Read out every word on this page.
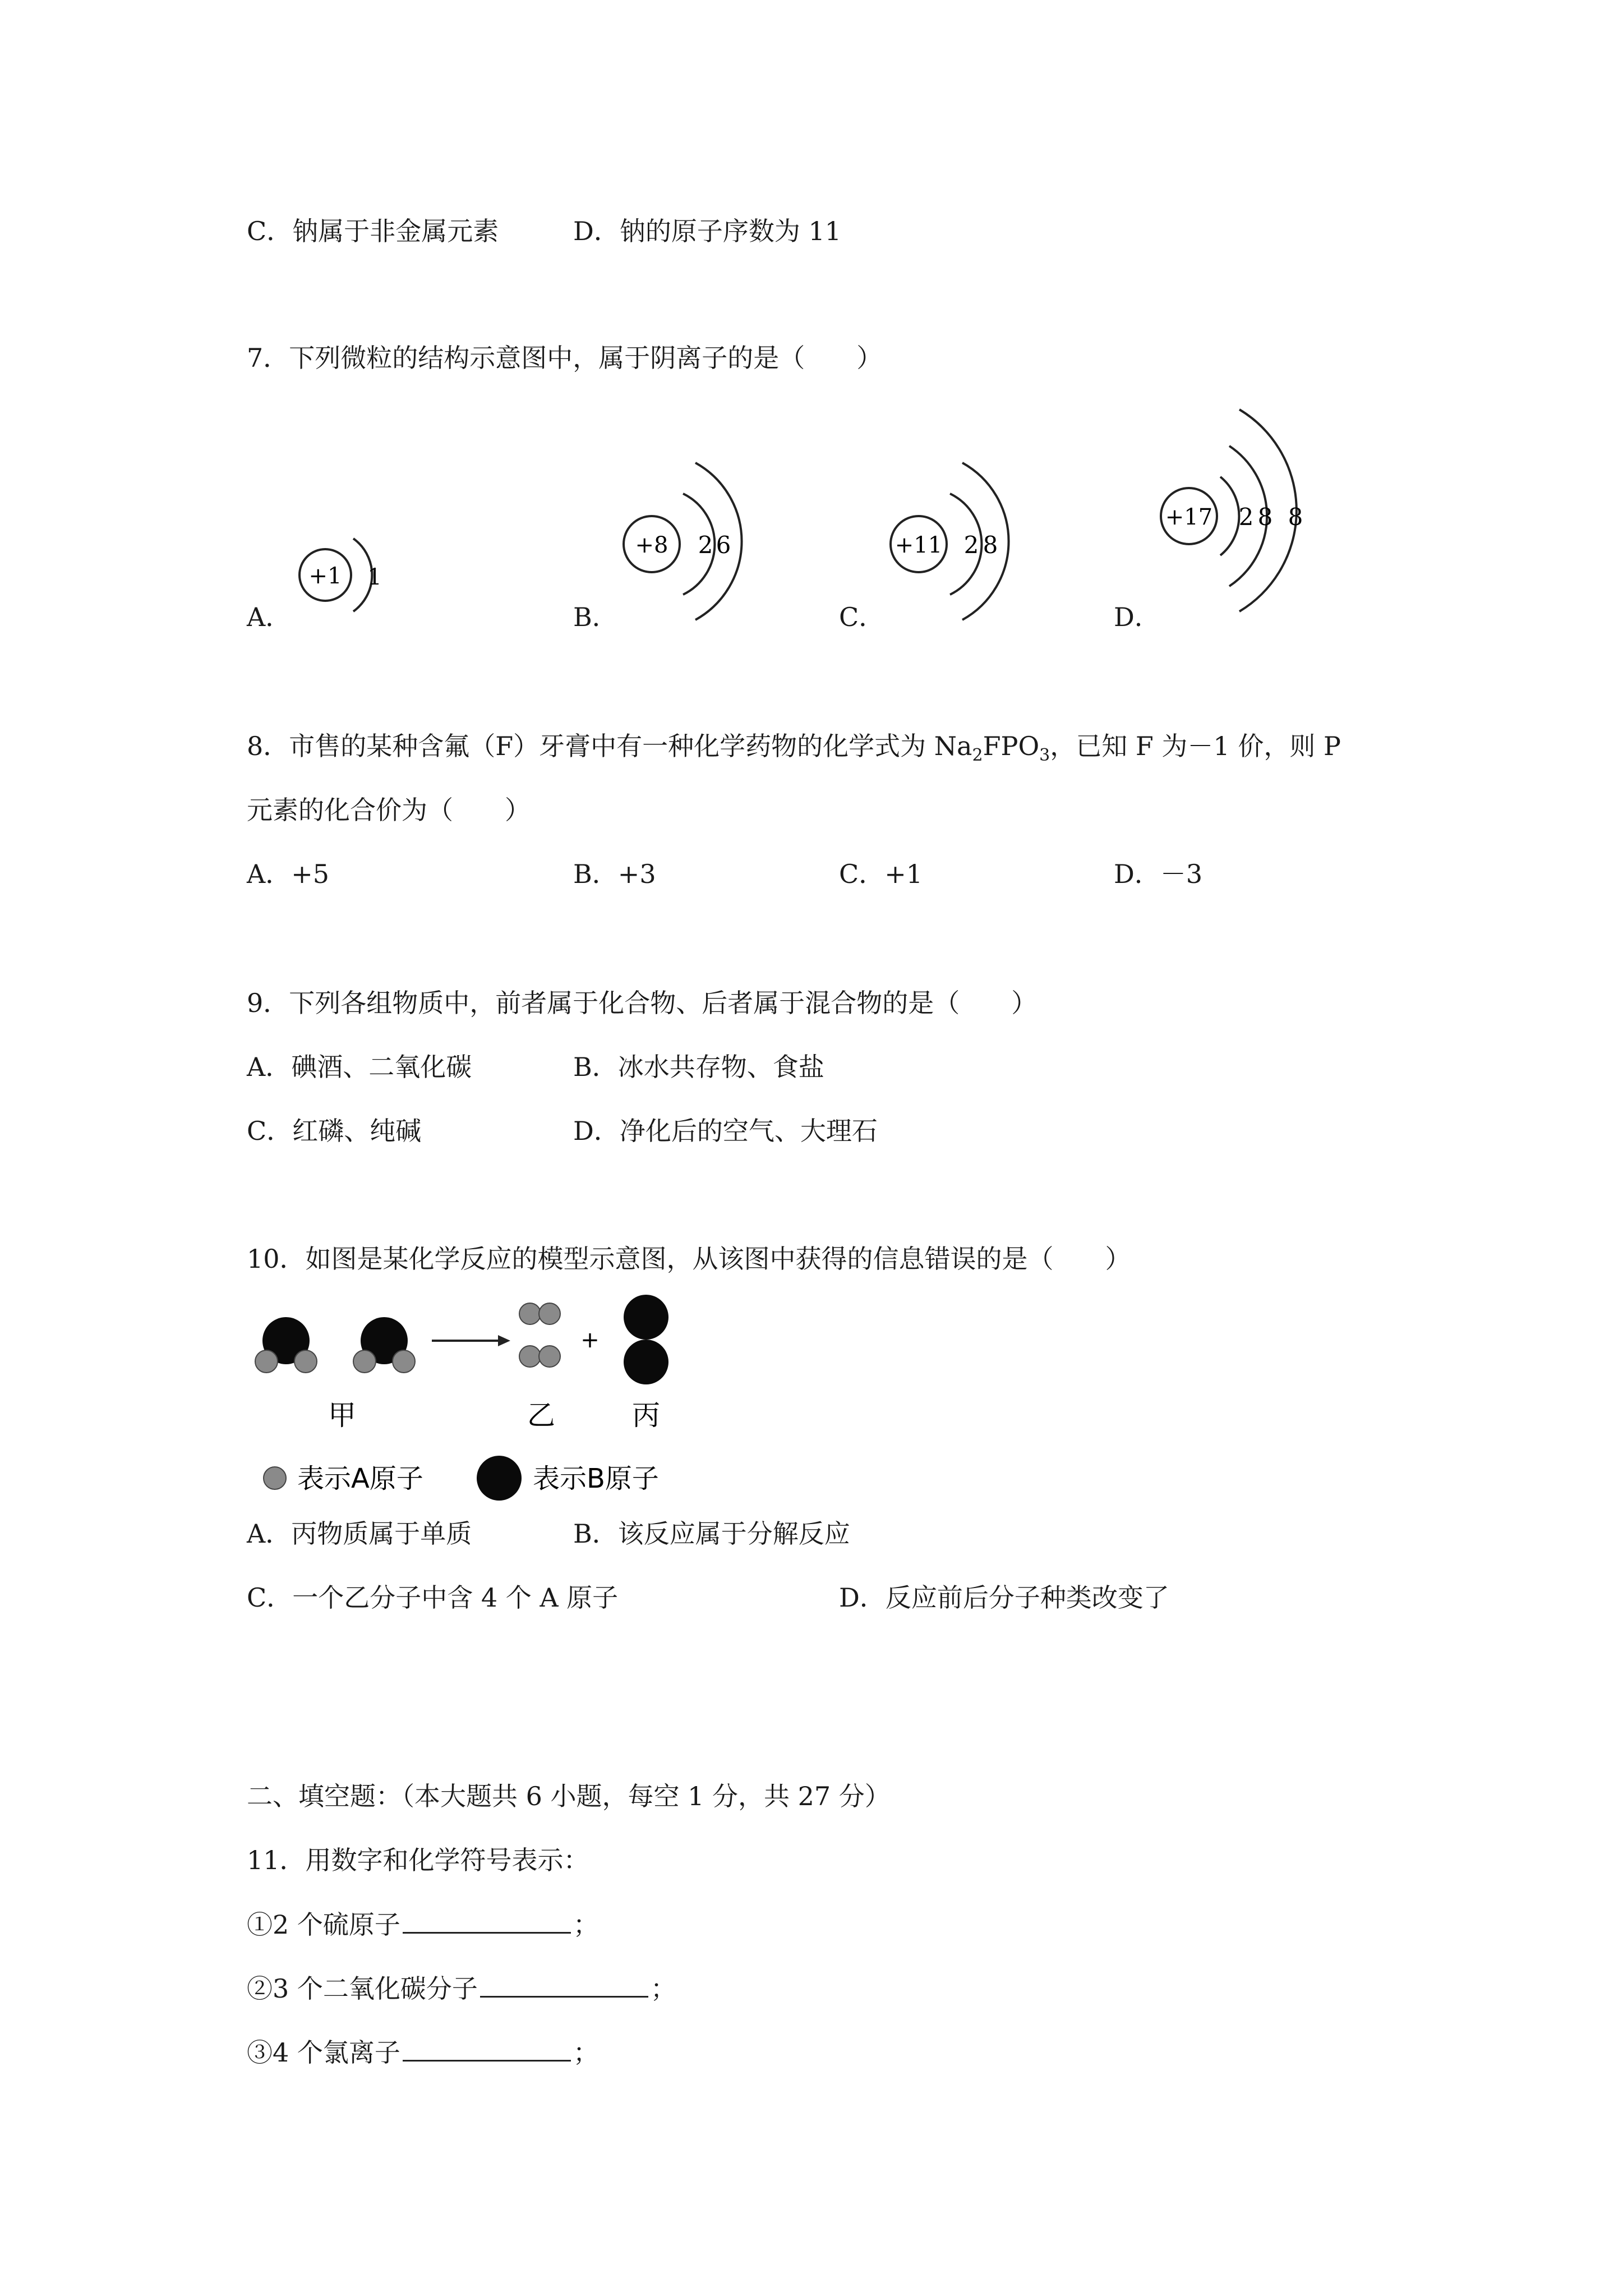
C．钠属于非金属元素	D．钠的原子序数为 11
7．下列微粒的结构示意图中，属于阴离子的是（　　）
A．	B．	C．	D．
+1 1
+8 2 6	+11 2 8
+17 2 8 8
8．市售的某种含氟（F）牙膏中有一种化学药物的化学式为 $Na_2FPO_3$，已知 F 为－1 价，则 P
元素的化合价为（　　）
A．+5	B．+3	C．+1	D．－3
9．下列各组物质中，前者属于化合物、后者属于混合物的是（　　）
A．碘酒、二氧化碳	B．冰水共存物、食盐
C．红磷、纯碱	D．净化后的空气、大理石
10．如图是某化学反应的模型示意图，从该图中获得的信息错误的是（　　）
+
甲	乙	丙
表示A原子	表示B原子
A．丙物质属于单质	B．该反应属于分解反应
C．一个乙分子中含 4 个 A 原子	D．反应前后分子种类改变了
二、填空题：（本大题共 6 小题，每空 1 分，共 27 分）
11．用数字和化学符号表示：
①2 个硫原子	；
②3 个二氧化碳分子	；
③4 个氯离子	；
